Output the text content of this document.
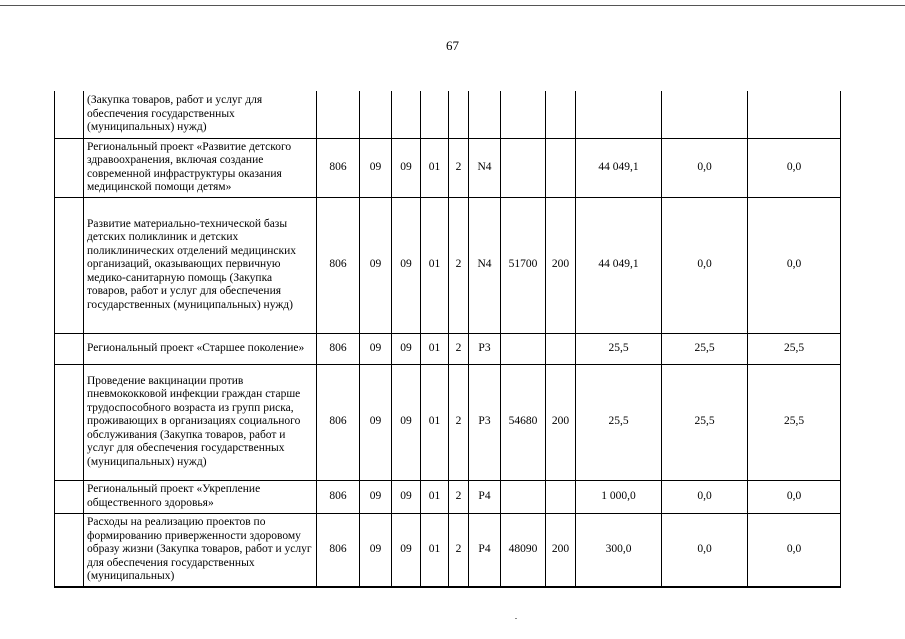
67
	(Закупка товаров, работ и услуг для обеспечения государственных (муниципальных) нужд)											
	Региональный проект «Развитие детского здравоохранения, включая создание современной инфраструктуры оказания медицинской помощи детям»	806	09	09	01	2	N4			44 049,1	0,0	0,0
	Развитие материально-технической базы детских поликлиник и детских поликлинических отделений медицинских организаций, оказывающих первичную медико-санитарную помощь (Закупка товаров, работ и услуг для обеспечения государственных (муниципальных) нужд)	806	09	09	01	2	N4	51700	200	44 049,1	0,0	0,0
	Региональный проект «Старшее поколение»	806	09	09	01	2	P3			25,5	25,5	25,5
	Проведение вакцинации против пневмококковой инфекции граждан старше трудоспособного возраста из групп риска, проживающих в организациях социального обслуживания (Закупка товаров, работ и услуг для обеспечения государственных (муниципальных) нужд)	806	09	09	01	2	P3	54680	200	25,5	25,5	25,5
	Региональный проект «Укрепление общественного здоровья»	806	09	09	01	2	P4			1 000,0	0,0	0,0
	Расходы на реализацию проектов по формированию приверженности здоровому образу жизни (Закупка товаров, работ и услуг для обеспечения государственных (муниципальных)	806	09	09	01	2	P4	48090	200	300,0	0,0	0,0
